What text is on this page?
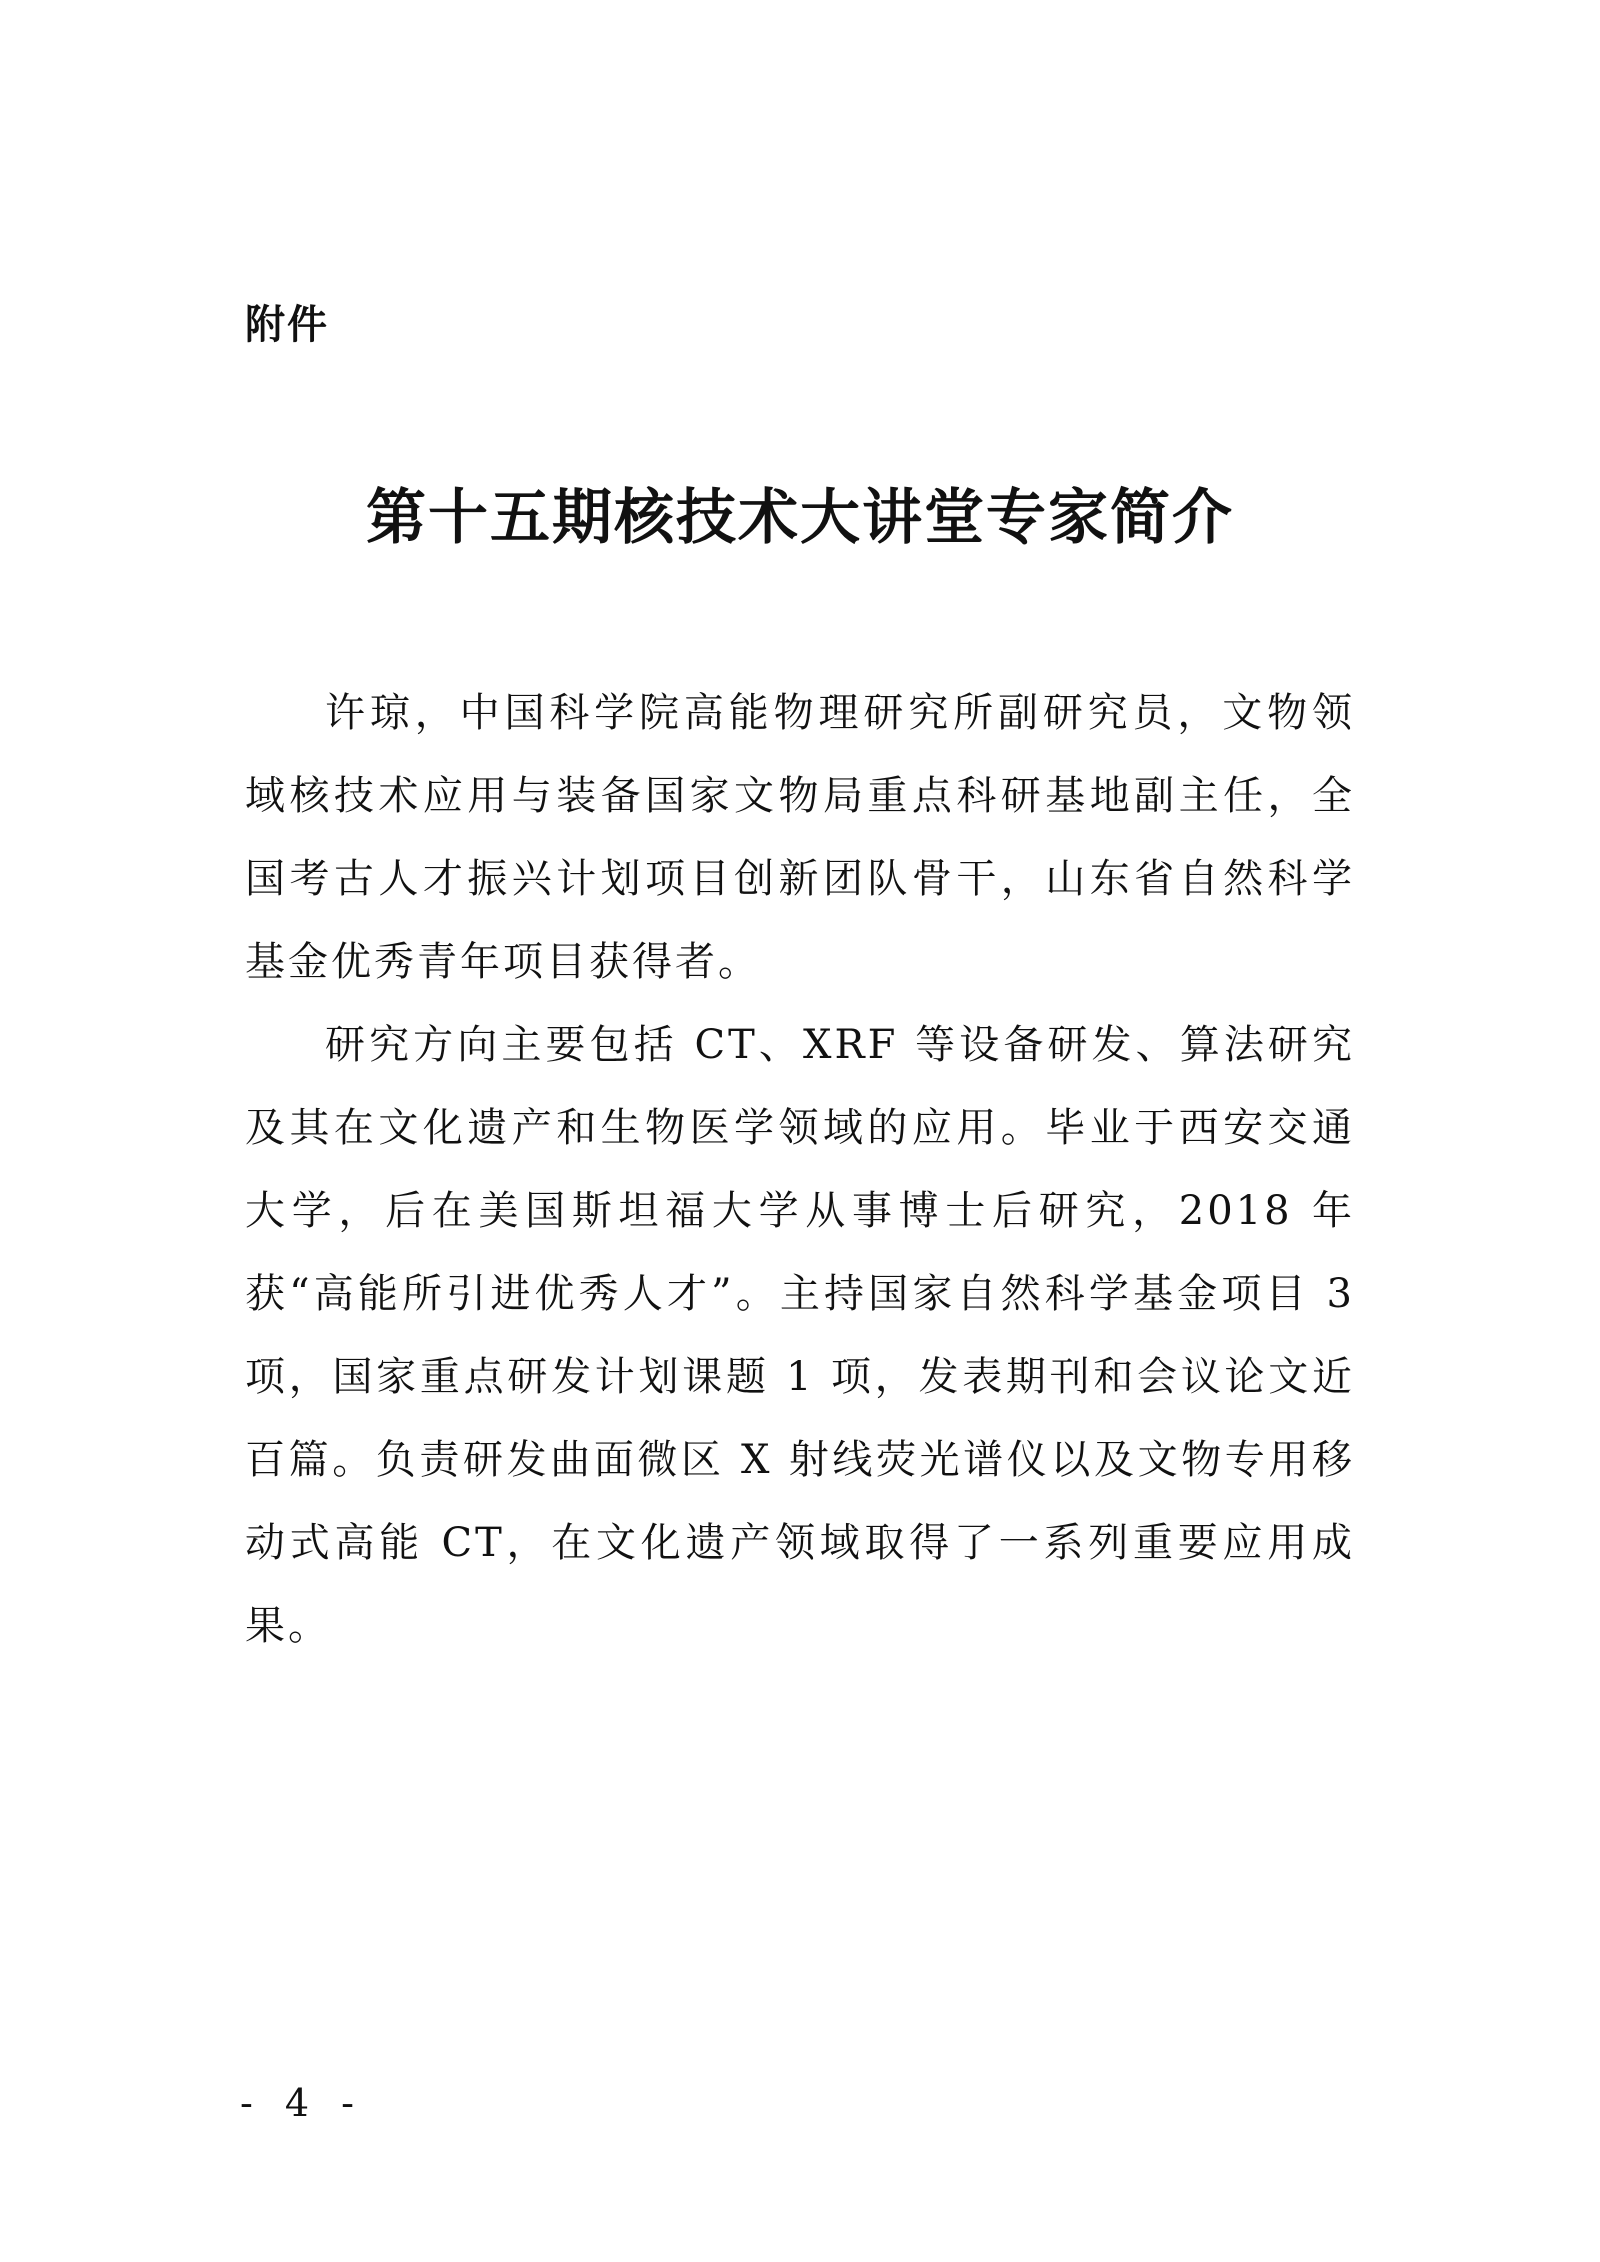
附件
第十五期核技术大讲堂专家简介

许琼，中国科学院高能物理研究所副研究员，文物领域核技术应用与装备国家文物局重点科研基地副主任，全国考古人才振兴计划项目创新团队骨干，山东省自然科学基金优秀青年项目获得者。

研究方向主要包括 CT、XRF 等设备研发、算法研究及其在文化遗产和生物医学领域的应用。毕业于西安交通大学，后在美国斯坦福大学从事博士后研究，2018 年获“高能所引进优秀人才”。主持国家自然科学基金项目 3 项，国家重点研发计划课题 1 项，发表期刊和会议论文近百篇。负责研发曲面微区 X 射线荧光谱仪以及文物专用移动式高能 CT，在文化遗产领域取得了一系列重要应用成果。

- 4 -
